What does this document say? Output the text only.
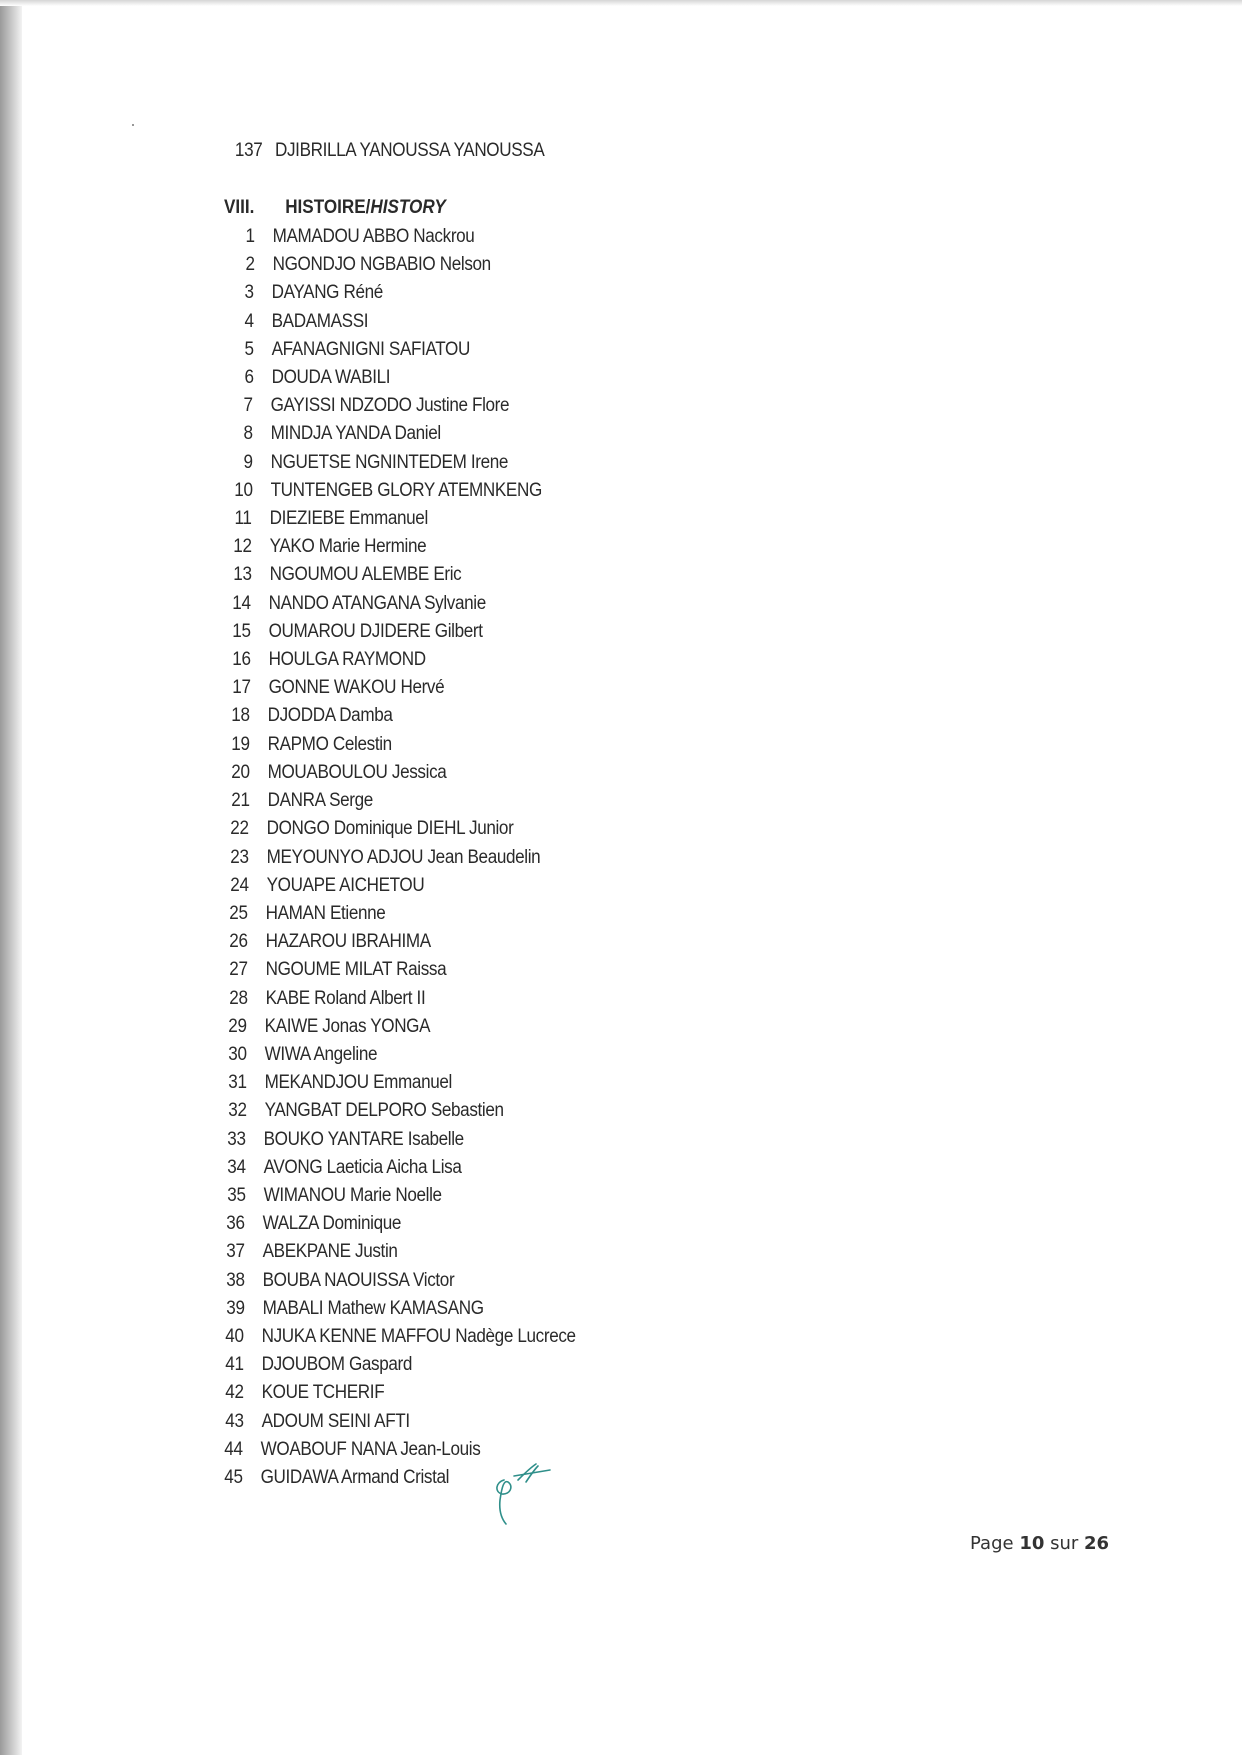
137 DJIBRILLA YANOUSSA YANOUSSA
VIII.	HISTOIRE/HISTORY
1 MAMADOU ABBO Nackrou
2 NGONDJO NGBABIO Nelson
3 DAYANG Réné
4 BADAMASSI
5 AFANAGNIGNI SAFIATOU
6 DOUDA WABILI
7 GAYISSI NDZODO Justine Flore
8 MINDJA YANDA Daniel
9 NGUETSE NGNINTEDEM Irene
10 TUNTENGEB GLORY ATEMNKENG
11 DIEZIEBE Emmanuel
12 YAKO Marie Hermine
13 NGOUMOU ALEMBE Eric
14 NANDO ATANGANA Sylvanie
15 OUMAROU DJIDERE Gilbert
16 HOULGA RAYMOND
17 GONNE WAKOU Hervé
18 DJODDA Damba
19 RAPMO Celestin
20 MOUABOULOU Jessica
21 DANRA Serge
22 DONGO Dominique DIEHL Junior
23 MEYOUNYO ADJOU Jean Beaudelin
24 YOUAPE AICHETOU
25 HAMAN Etienne
26 HAZAROU IBRAHIMA
27 NGOUME MILAT Raissa
28 KABE Roland Albert II
29 KAIWE Jonas YONGA
30 WIWA Angeline
31 MEKANDJOU Emmanuel
32 YANGBAT DELPORO Sebastien
33 BOUKO YANTARE Isabelle
34 AVONG Laeticia Aicha Lisa
35 WIMANOU Marie Noelle
36 WALZA Dominique
37 ABEKPANE Justin
38 BOUBA NAOUISSA Victor
39 MABALI Mathew KAMASANG
40 NJUKA KENNE MAFFOU Nadège Lucrece
41 DJOUBOM Gaspard
42 KOUE TCHERIF
43 ADOUM SEINI AFTI
44 WOABOUF NANA Jean-Louis
45 GUIDAWA Armand Cristal
Page 10 sur 26
